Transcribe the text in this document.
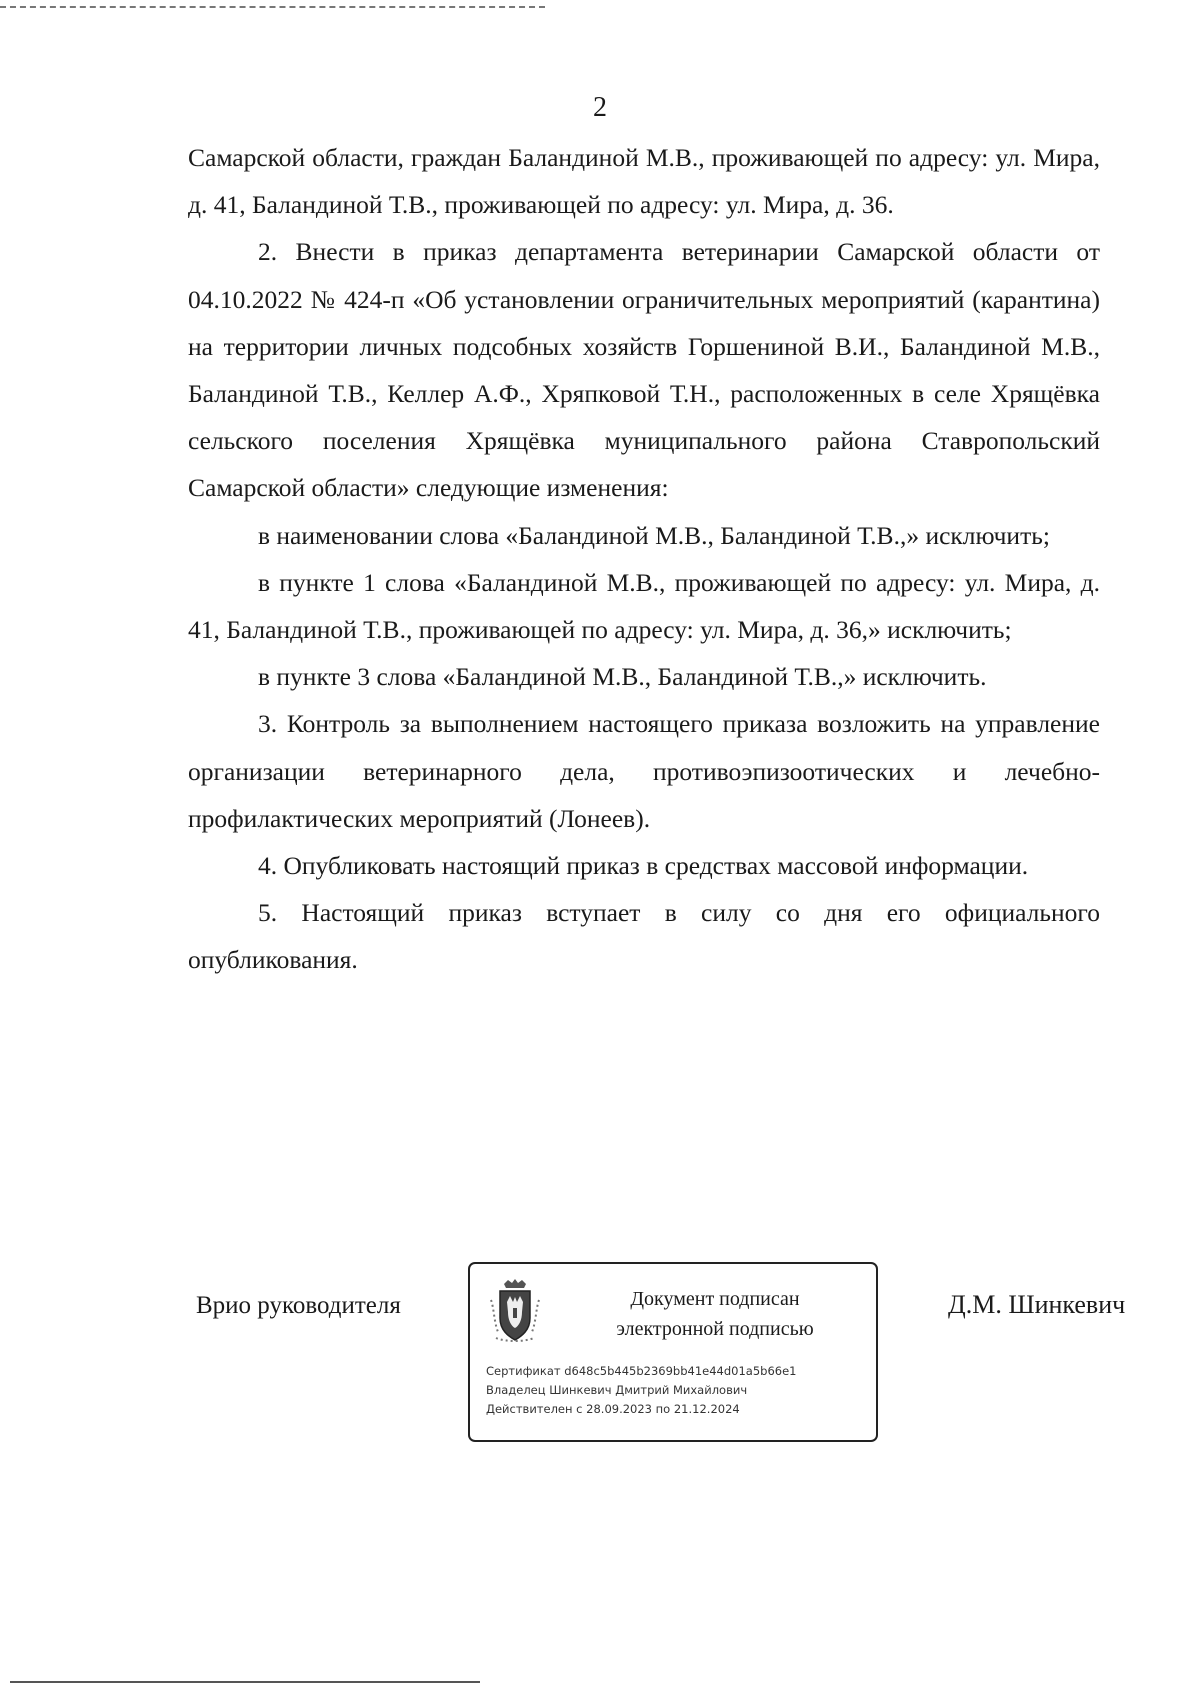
2

Самарской области, граждан Баландиной М.В., проживающей по адресу: ул. Мира, д. 41, Баландиной Т.В., проживающей по адресу: ул. Мира, д. 36.

2. Внести в приказ департамента ветеринарии Самарской области от 04.10.2022 № 424-п «Об установлении ограничительных мероприятий (карантина) на территории личных подсобных хозяйств Горшениной В.И., Баландиной М.В., Баландиной Т.В., Келлер А.Ф., Хряпковой Т.Н., расположенных в селе Хрящёвка сельского поселения Хрящёвка муниципального района Ставропольский Самарской области» следующие изменения:

в наименовании слова «Баландиной М.В., Баландиной Т.В.,» исключить;

в пункте 1 слова «Баландиной М.В., проживающей по адресу: ул. Мира, д. 41, Баландиной Т.В., проживающей по адресу: ул. Мира, д. 36,» исключить;

в пункте 3 слова «Баландиной М.В., Баландиной Т.В.,» исключить.

3. Контроль за выполнением настоящего приказа возложить на управление организации ветеринарного дела, противоэпизоотических и лечебно-профилактических мероприятий (Лонеев).

4. Опубликовать настоящий приказ в средствах массовой информации.

5. Настоящий приказ вступает в силу со дня его официального опубликования.

Врио руководителя	Документ подписан
электронной подписью
Сертификат d648c5b445b2369bb41e44d01a5b66e1
Владелец Шинкевич Дмитрий Михайлович
Действителен с 28.09.2023 по 21.12.2024
Д.М. Шинкевич
